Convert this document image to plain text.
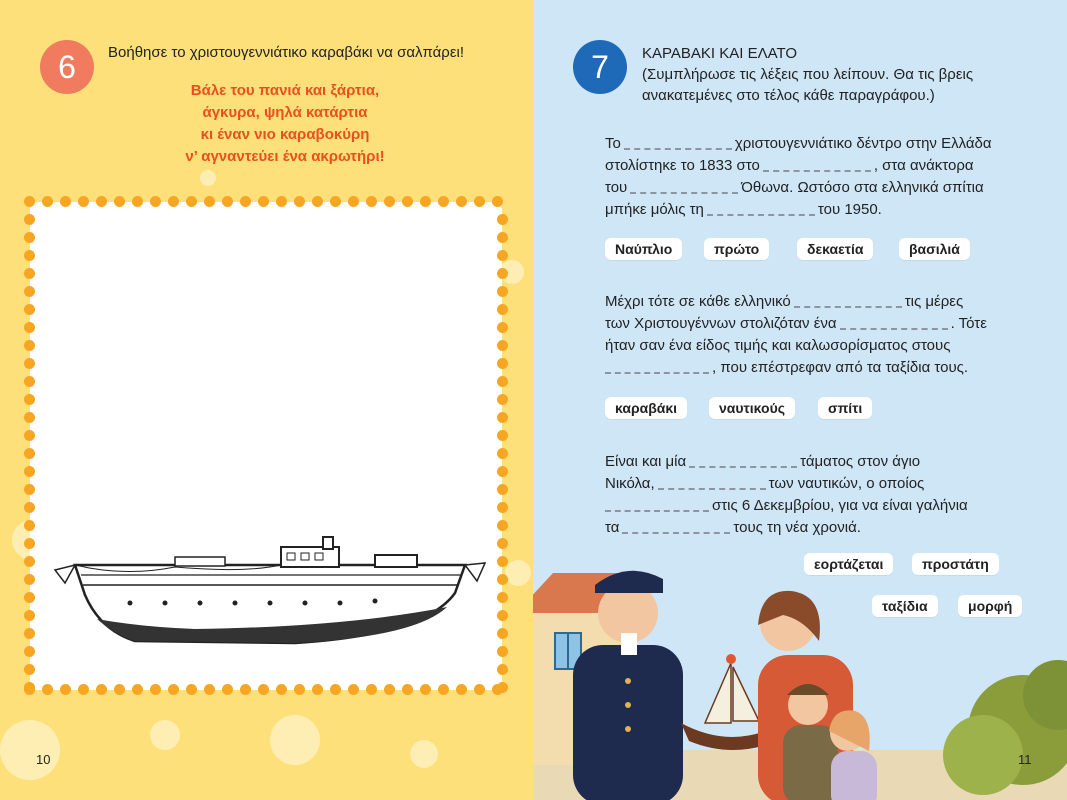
6	Βοήθησε το χριστουγεννιάτικο καραβάκι να σαλπάρει!
Βάλε του πανιά και ξάρτια,
άγκυρα, ψηλά κατάρτια
κι έναν νιο καραβοκύρη
ν’ αγναντεύει ένα ακρωτήρι!
10
7	ΚΑΡΑΒΑΚΙ ΚΑΙ ΕΛΑΤΟ
(Συμπλήρωσε τις λέξεις που λείπουν. Θα τις βρεις
ανακατεμένες στο τέλος κάθε παραγράφου.)
Το	χριστουγεννιάτικο δέντρο στην Ελλάδα
στολίστηκε το 1833 στο	, στα ανάκτορα
του	Όθωνα. Ωστόσο στα ελληνικά σπίτια
μπήκε μόλις τη	του 1950.
Ναύπλιο	πρώτο	δεκαετία	βασιλιά
Μέχρι τότε σε κάθε ελληνικό	τις μέρες
των Χριστουγέννων στολιζόταν ένα	. Τότε
ήταν σαν ένα είδος τιμής και καλωσορίσματος στους
, που επέστρεφαν από τα ταξίδια τους.
καραβάκι	ναυτικούς	σπίτι
Είναι και μία	τάματος στον άγιο
Νικόλα,	των ναυτικών, ο οποίος
στις 6 Δεκεμβρίου, για να είναι γαλήνια
τα	τους τη νέα χρονιά.
εορτάζεται	προστάτη
ταξίδια	μορφή
11
